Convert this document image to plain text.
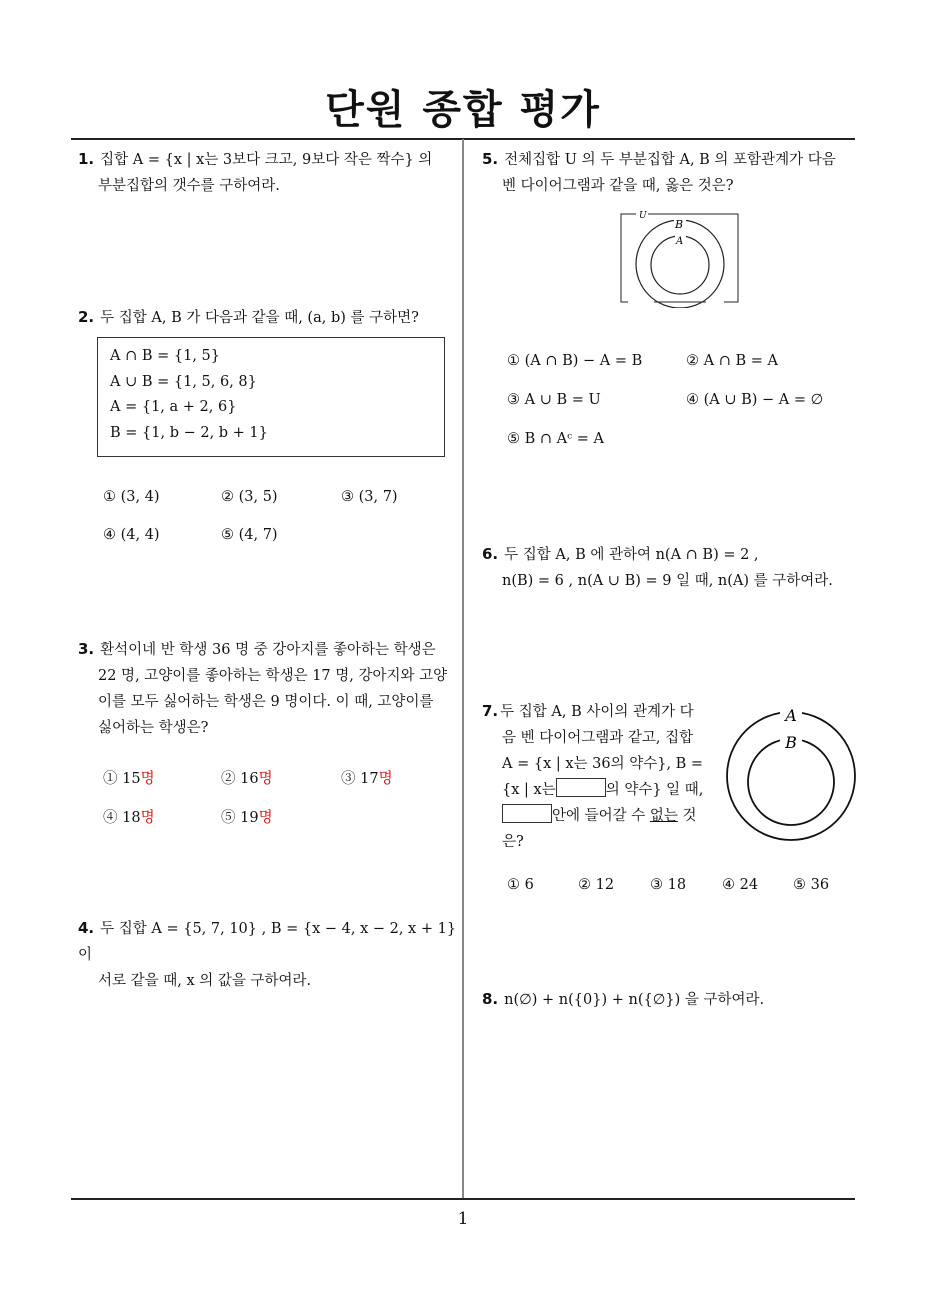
단원 종합 평가
1. 집합 A = {x | x는 3보다 크고, 9보다 작은 짝수} 의
부분집합의 갯수를 구하여라.
2. 두 집합 A, B 가 다음과 같을 때, (a, b) 를 구하면?
A ∩ B = {1, 5}
A ∪ B = {1, 5, 6, 8}
A = {1, a + 2, 6}
B = {1, b − 2, b + 1}
① (3, 4)	② (3, 5)	③ (3, 7)
④ (4, 4)	⑤ (4, 7)
3. 환석이네 반 학생 36 명 중 강아지를 좋아하는 학생은
22 명, 고양이를 좋아하는 학생은 17 명, 강아지와 고양
이를 모두 싫어하는 학생은 9 명이다. 이 때, 고양이를
싫어하는 학생은?
① 15명	② 16명	③ 17명
④ 18명	⑤ 19명
4. 두 집합 A = {5, 7, 10} , B = {x − 4, x − 2, x + 1} 이
서로 같을 때, x 의 값을 구하여라.
5. 전체집합 U 의 두 부분집합 A, B 의 포함관계가 다음
벤 다이어그램과 같을 때, 옳은 것은?
U
B
A
① (A ∩ B) − A = B	② A ∩ B = A
③ A ∪ B = U	④ (A ∪ B) − A = ∅
⑤ B ∩ Aᶜ = A
6. 두 집합 A, B 에 관하여 n(A ∩ B) = 2 ,
n(B) = 6 , n(A ∪ B) = 9 일 때, n(A) 를 구하여라.
7. 두 집합 A, B 사이의 관계가 다
음 벤 다이어그램과 같고, 집합
A = {x | x는 36의 약수}, B =
{x | x는	의 약수} 일 때,
안에 들어갈 수 없는 것
은?
A
B
① 6	② 12 ③ 18 ④ 24 ⑤ 36
8. n(∅) + n({0}) + n({∅}) 을 구하여라.
1
